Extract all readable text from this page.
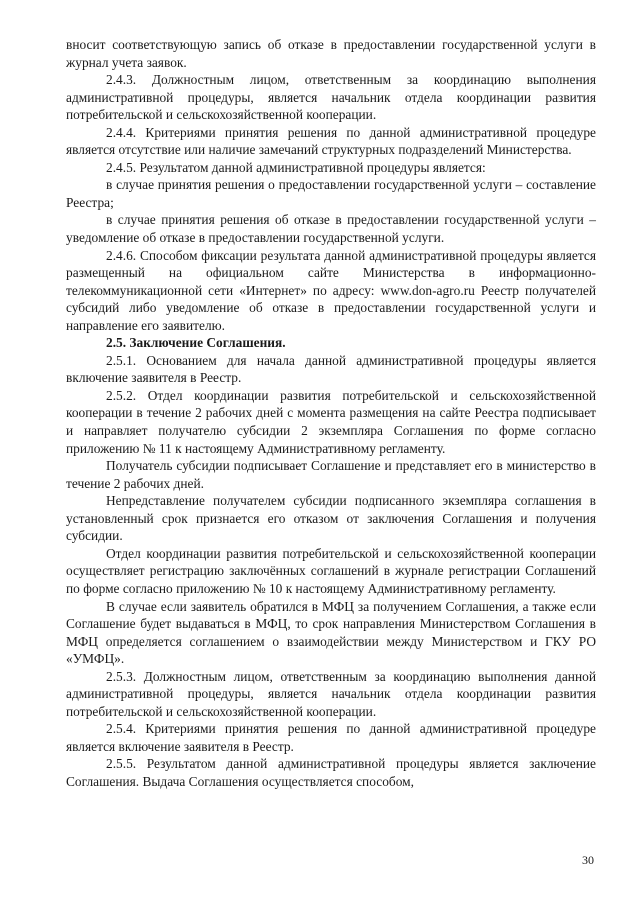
вносит соответствующую запись об отказе в предоставлении государственной услуги в журнал учета заявок.

2.4.3. Должностным лицом, ответственным за координацию выполнения административной процедуры, является начальник отдела координации развития потребительской и сельскохозяйственной кооперации.

2.4.4. Критериями принятия решения по данной административной процедуре является отсутствие или наличие замечаний структурных подразделений Министерства.

2.4.5. Результатом данной административной процедуры является:

в случае принятия решения о предоставлении государственной услуги – составление Реестра;

в случае принятия решения об отказе в предоставлении государственной услуги – уведомление об отказе в предоставлении государственной услуги.

2.4.6. Способом фиксации результата данной административной процедуры является размещенный на официальном сайте Министерства в информационно-телекоммуникационной сети «Интернет» по адресу: www.don-agro.ru Реестр получателей субсидий либо уведомление об отказе в предоставлении государственной услуги и направление его заявителю.

2.5. Заключение Соглашения.

2.5.1. Основанием для начала данной административной процедуры является включение заявителя в Реестр.

2.5.2. Отдел координации развития потребительской и сельскохозяйственной кооперации в течение 2 рабочих дней с момента размещения на сайте Реестра подписывает и направляет получателю субсидии 2 экземпляра Соглашения по форме согласно приложению № 11 к настоящему Административному регламенту.

Получатель субсидии подписывает Соглашение и представляет его в министерство в течение 2 рабочих дней.

Непредставление получателем субсидии подписанного экземпляра соглашения в установленный срок признается его отказом от заключения Соглашения и получения субсидии.

Отдел координации развития потребительской и сельскохозяйственной кооперации осуществляет регистрацию заключённых соглашений в журнале регистрации Соглашений по форме согласно приложению № 10 к настоящему Административному регламенту.

В случае если заявитель обратился в МФЦ за получением Соглашения, а также если Соглашение будет выдаваться в МФЦ, то срок направления Министерством Соглашения в МФЦ определяется соглашением о взаимодействии между Министерством и ГКУ РО «УМФЦ».

2.5.3. Должностным лицом, ответственным за координацию выполнения данной административной процедуры, является начальник отдела координации развития потребительской и сельскохозяйственной кооперации.

2.5.4. Критериями принятия решения по данной административной процедуре является включение заявителя в Реестр.

2.5.5. Результатом данной административной процедуры является заключение Соглашения. Выдача Соглашения осуществляется способом,

30
